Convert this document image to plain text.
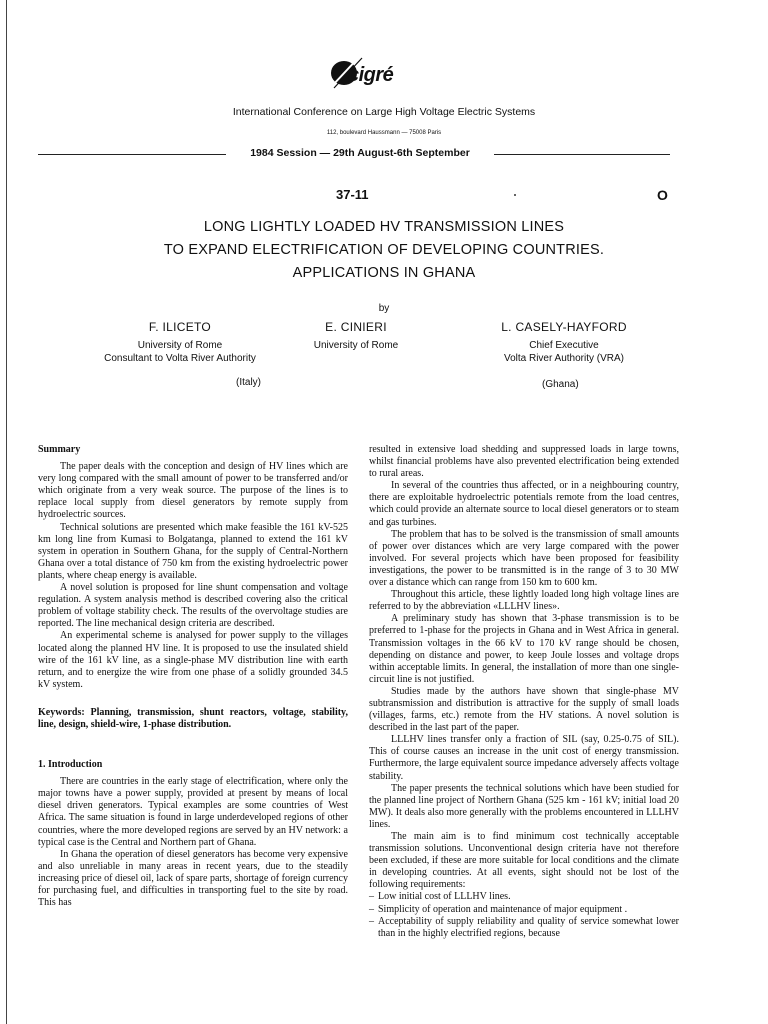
cigré
International Conference on Large High Voltage Electric Systems
112, boulevard Haussmann — 75008 Paris
1984 Session — 29th August-6th September
37-11	O
LONG LIGHTLY LOADED HV TRANSMISSION LINES
TO EXPAND ELECTRIFICATION OF DEVELOPING COUNTRIES.
APPLICATIONS IN GHANA
by
F. ILICETO
University of Rome
Consultant to Volta River Authority
E. CINIERI
University of Rome
L. CASELY-HAYFORD
Chief Executive
Volta River Authority (VRA)
(Italy)	(Ghana)
Summary

The paper deals with the conception and design of HV lines which are very long compared with the small amount of power to be transferred and/or which originate from a very weak source. The purpose of the lines is to replace local supply from diesel generators by remote supply from hydroelectric sources.

Technical solutions are presented which make feasible the 161 kV-525 km long line from Kumasi to Bolgatanga, planned to extend the 161 kV system in operation in Southern Ghana, for the supply of Central-Northern Ghana over a total distance of 750 km from the existing hydroelectric power plants, where cheap energy is available.

A novel solution is proposed for line shunt compensation and voltage regulation. A system analysis method is described covering also the critical problem of voltage stability check. The results of the overvoltage studies are reported. The line mechanical design criteria are described.

An experimental scheme is analysed for power supply to the villages located along the planned HV line. It is proposed to use the insulated shield wire of the 161 kV line, as a single-phase MV distribution line with earth return, and to energize the wire from one phase of a solidly grounded 34.5 kV system.

Keywords: Planning, transmission, shunt reactors, voltage, stability, line, design, shield-wire, 1-phase distribution.

1. Introduction

There are countries in the early stage of electrification, where only the major towns have a power supply, provided at present by means of local diesel driven generators. Typical examples are some countries of West Africa. The same situation is found in large underdeveloped regions of other countries, where the more developed regions are served by an HV network: a typical case is the Central and Northern part of Ghana.

In Ghana the operation of diesel generators has become very expensive and also unreliable in many areas in recent years, due to the steadily increasing price of diesel oil, lack of spare parts, shortage of foreign currency for purchasing fuel, and difficulties in transporting fuel to the site by road. This has

resulted in extensive load shedding and suppressed loads in large towns, whilst financial problems have also prevented electrification being extended to rural areas.

In several of the countries thus affected, or in a neighbouring country, there are exploitable hydroelectric potentials remote from the load centres, which could provide an alternate source to local diesel generators or to steam and gas turbines.

The problem that has to be solved is the transmission of small amounts of power over distances which are very large compared with the power involved. For several projects which have been proposed for feasibility investigations, the power to be transmitted is in the range of 3 to 30 MW over a distance which can range from 150 km to 600 km.

Throughout this article, these lightly loaded long high voltage lines are referred to by the abbreviation «LLLHV lines».

A preliminary study has shown that 3-phase transmission is to be preferred to 1-phase for the projects in Ghana and in West Africa in general. Transmission voltages in the 66 kV to 170 kV range should be chosen, depending on distance and power, to keep Joule losses and voltage drops within acceptable limits. In general, the installation of more than one single-circuit line is not justified.

Studies made by the authors have shown that single-phase MV subtransmission and distribution is attractive for the supply of small loads (villages, farms, etc.) remote from the HV stations. A novel solution is described in the last part of the paper.

LLLHV lines transfer only a fraction of SIL (say, 0.25-0.75 of SIL). This of course causes an increase in the unit cost of energy transmission. Furthermore, the large equivalent source impedance adversely affects voltage stability.

The paper presents the technical solutions which have been studied for the planned line project of Northern Ghana (525 km - 161 kV; initial load 20 MW). It deals also more generally with the problems encountered in LLLHV lines.

The main aim is to find minimum cost technically acceptable transmission solutions. Unconventional design criteria have not therefore been excluded, if these are more suitable for local conditions and the climate in developing countries. At all events, sight should not be lost of the following requirements:

– Low initial cost of LLLHV lines.

– Simplicity of operation and maintenance of major equipment .

– Acceptability of supply reliability and quality of service somewhat lower than in the highly electrified regions, because
